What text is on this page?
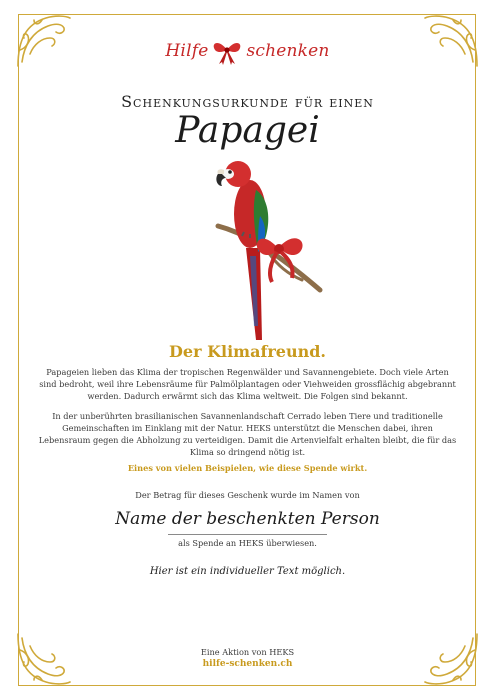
Hilfe schenken
Schenkungsurkunde für einen
Papagei
Der Klimafreund.
Papageien lieben das Klima der tropischen Regenwälder und Savannengebiete. Doch viele Arten sind bedroht, weil ihre Lebensräume für Palmölplantagen oder Viehweiden grossflächig abgebrannt werden. Dadurch erwärmt sich das Klima weltweit. Die Folgen sind bekannt.
In der unberührten brasilianischen Savannenlandschaft Cerrado leben Tiere und traditionelle Gemeinschaften im Einklang mit der Natur. HEKS unterstützt die Menschen dabei, ihren Lebensraum gegen die Abholzung zu verteidigen. Damit die Artenvielfalt erhalten bleibt, die für das Klima so dringend nötig ist.
Eines von vielen Beispielen, wie diese Spende wirkt.
Der Betrag für dieses Geschenk wurde im Namen von
Name der beschenkten Person
als Spende an HEKS überwiesen.
Hier ist ein individueller Text möglich.
Eine Aktion von HEKS
hilfe-schenken.ch
